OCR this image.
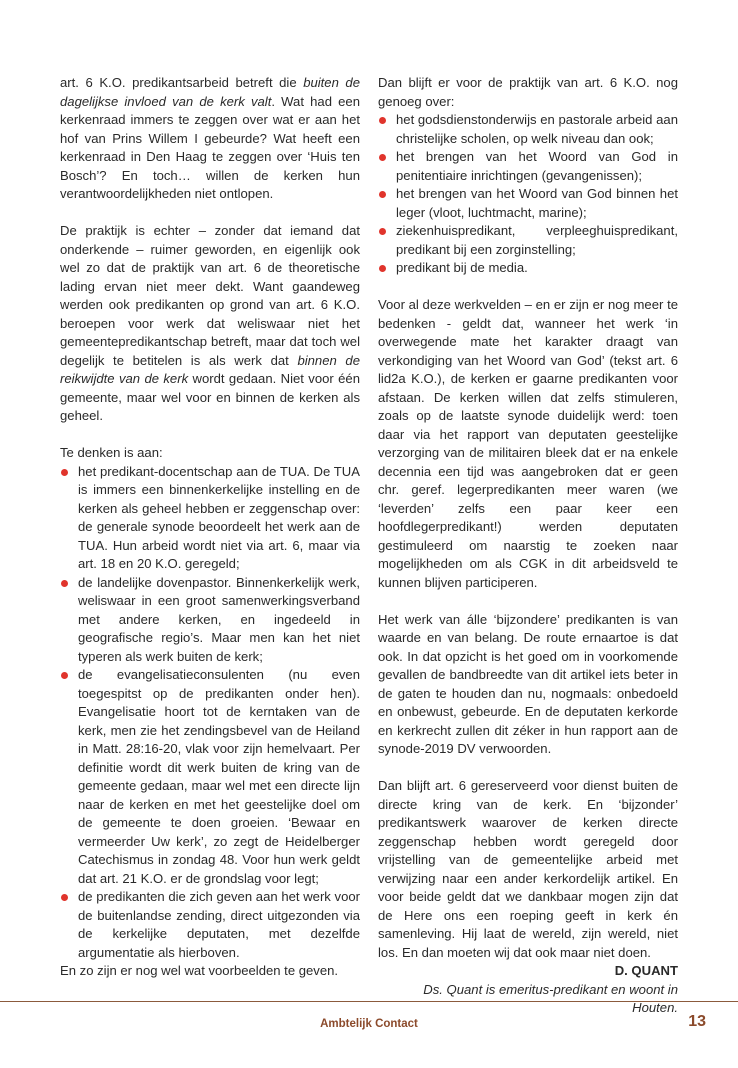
art. 6 K.O. predikantsarbeid betreft die buiten de dagelijkse invloed van de kerk valt. Wat had een kerkenraad immers te zeggen over wat er aan het hof van Prins Willem I gebeurde? Wat heeft een kerkenraad in Den Haag te zeggen over ‘Huis ten Bosch’? En toch… willen de kerken hun verantwoordelijkheden niet ontlopen.

De praktijk is echter – zonder dat iemand dat onderkende – ruimer geworden, en eigenlijk ook wel zo dat de praktijk van art. 6 de theoretische lading ervan niet meer dekt. Want gaandeweg werden ook predikanten op grond van art. 6 K.O. beroepen voor werk dat weliswaar niet het gemeentepredikantschap betreft, maar dat toch wel degelijk te betitelen is als werk dat binnen de reikwijdte van de kerk wordt gedaan. Niet voor één gemeente, maar wel voor en binnen de kerken als geheel.

Te denken is aan:

het predikant-docentschap aan de TUA. De TUA is immers een binnenkerkelijke instelling en de kerken als geheel hebben er zeggenschap over: de generale synode beoordeelt het werk aan de TUA. Hun arbeid wordt niet via art. 6, maar via art. 18 en 20 K.O. geregeld;
de landelijke dovenpastor. Binnenkerkelijk werk, weliswaar in een groot samenwerkingsverband met andere kerken, en ingedeeld in geografische regio’s. Maar men kan het niet typeren als werk buiten de kerk;
de evangelisatieconsulenten (nu even toegespitst op de predikanten onder hen). Evangelisatie hoort tot de kerntaken van de kerk, men zie het zendingsbevel van de Heiland in Matt. 28:16-20, vlak voor zijn hemelvaart. Per definitie wordt dit werk buiten de kring van de gemeente gedaan, maar wel met een directe lijn naar de kerken en met het geestelijke doel om de gemeente te doen groeien. ‘Bewaar en vermeerder Uw kerk’, zo zegt de Heidelberger Catechismus in zondag 48. Voor hun werk geldt dat art. 21 K.O. er de grondslag voor legt;
de predikanten die zich geven aan het werk voor de buitenlandse zending, direct uitgezonden via de kerkelijke deputaten, met dezelfde argumentatie als hierboven.

En zo zijn er nog wel wat voorbeelden te geven.

Dan blijft er voor de praktijk van art. 6 K.O. nog genoeg over:

het godsdienstonderwijs en pastorale arbeid aan christelijke scholen, op welk niveau dan ook;
het brengen van het Woord van God in penitentiaire inrichtingen (gevangenissen);
het brengen van het Woord van God binnen het leger (vloot, luchtmacht, marine);
ziekenhuispredikant, verpleeghuispredikant, predikant bij een zorginstelling;
predikant bij de media.

Voor al deze werkvelden – en er zijn er nog meer te bedenken - geldt dat, wanneer het werk ‘in overwegende mate het karakter draagt van verkondiging van het Woord van God’ (tekst art. 6 lid2a K.O.), de kerken er gaarne predikanten voor afstaan. De kerken willen dat zelfs stimuleren, zoals op de laatste synode duidelijk werd: toen daar via het rapport van deputaten geestelijke verzorging van de militairen bleek dat er na enkele decennia een tijd was aangebroken dat er geen chr. geref. legerpredikanten meer waren (we ‘leverden’ zelfs een paar keer een hoofdlegerpredikant!) werden deputaten gestimuleerd om naarstig te zoeken naar mogelijkheden om als CGK in dit arbeidsveld te kunnen blijven participeren.

Het werk van álle ‘bijzondere’ predikanten is van waarde en van belang. De route ernaartoe is dat ook. In dat opzicht is het goed om in voorkomende gevallen de bandbreedte van dit artikel iets beter in de gaten te houden dan nu, nogmaals: onbedoeld en onbewust, gebeurde. En de deputaten kerkorde en kerkrecht zullen dit zéker in hun rapport aan de synode-2019 DV verwoorden.

Dan blijft art. 6 gereserveerd voor dienst buiten de directe kring van de kerk. En ‘bijzonder’ predikantswerk waarover de kerken directe zeggenschap hebben wordt geregeld door vrijstelling van de gemeentelijke arbeid met verwijzing naar een ander kerkordelijk artikel. En voor beide geldt dat we dankbaar mogen zijn dat de Here ons een roeping geeft in kerk én samenleving. Hij laat de wereld, zijn wereld, niet los. En dan moeten wij dat ook maar niet doen.

D. QUANT

Ds. Quant is emeritus-predikant en woont in Houten.

Ambtelijk Contact	13
